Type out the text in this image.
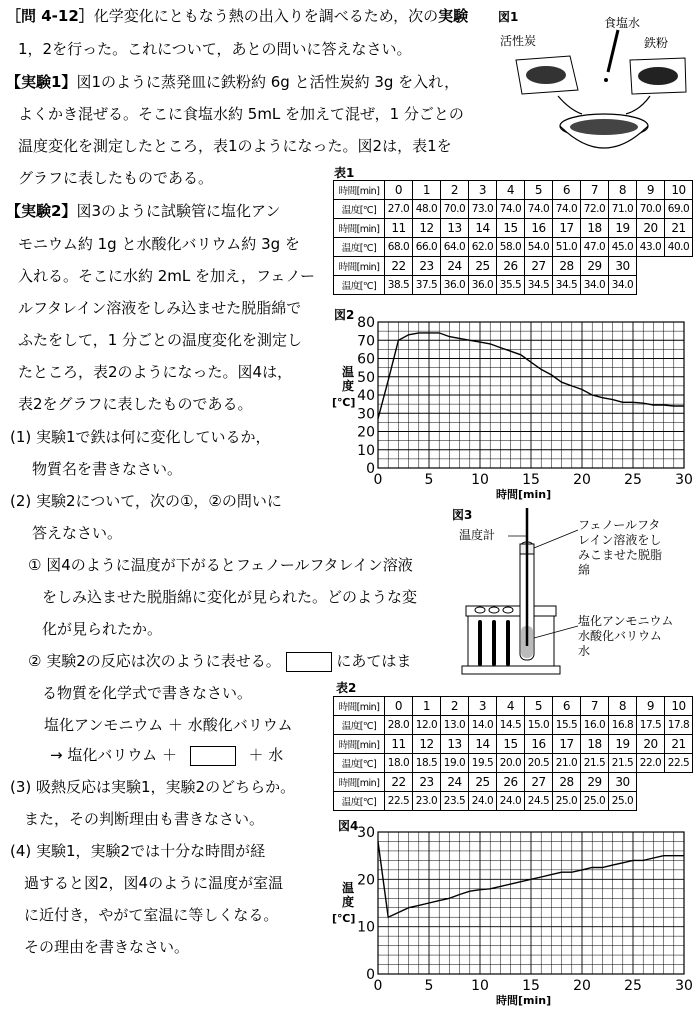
［問 4-12］化学変化にともなう熱の出入りを調べるため，次の実験
1，2を行った。これについて，あとの問いに答えなさい。
【実験1】図1のように蒸発皿に鉄粉約 6g と活性炭約 3g を入れ，
よくかき混ぜる。そこに食塩水約 5mL を加えて混ぜ，1 分ごとの
温度変化を測定したところ，表1のようになった。図2は，表1を
グラフに表したものである。
【実験2】図3のように試験管に塩化アン
モニウム約 1g と水酸化バリウム約 3g を
入れる。そこに水約 2mL を加え，フェノー
ルフタレイン溶液をしみ込ませた脱脂綿で
ふたをして，1 分ごとの温度変化を測定し
たところ，表2のようになった。図4は，
表2をグラフに表したものである。
(1) 実験1で鉄は何に変化しているか，
物質名を書きなさい。
(2) 実験2について，次の①，②の問いに
答えなさい。
① 図4のように温度が下がるとフェノールフタレイン溶液
をしみ込ませた脱脂綿に変化が見られた。どのような変
化が見られたか。
② 実験2の反応は次のように表せる。	にあてはま
る物質を化学式で書きなさい。
塩化アンモニウム ＋ 水酸化バリウム
→ 塩化バリウム ＋	＋ 水
(3) 吸熱反応は実験1，実験2のどちらか。
また，その判断理由も書きなさい。
(4) 実験1，実験2では十分な時間が経
過すると図2，図4のように温度が室温
に近付き，やがて室温に等しくなる。
その理由を書きなさい。
図1
活性炭
食塩水
鉄粉
表1
時間[min]	0	1	2	3	4	5	6	7	8	9	10
温度[℃]	27.0	48.0	70.0	73.0	74.0	74.0	74.0	72.0	71.0	70.0	69.0
時間[min]	11	12	13	14	15	16	17	18	19	20	21
温度[℃]	68.0	66.0	64.0	62.0	58.0	54.0	51.0	47.0	45.0	43.0	40.0
時間[min]	22	23	24	25	26	27	28	29	30		
温度[℃]	38.5	37.5	36.0	36.0	35.5	34.5	34.5	34.0	34.0		
図2
0
10
20
30
40
50
60
70
80
0	5	10 15 20 25 30
温
度
[℃]
時間[min]
図3
温度計
フェノールフタ
レイン溶液をし
みこませた脱脂
綿
塩化アンモニウム
水酸化バリウム
水
表2
時間[min]	0	1	2	3	4	5	6	7	8	9	10
温度[℃]	28.0	12.0	13.0	14.0	14.5	15.0	15.5	16.0	16.8	17.5	17.8
時間[min]	11	12	13	14	15	16	17	18	19	20	21
温度[℃]	18.0	18.5	19.0	19.5	20.0	20.5	21.0	21.5	21.5	22.0	22.5
時間[min]	22	23	24	25	26	27	28	29	30		
温度[℃]	22.5	23.0	23.5	24.0	24.0	24.5	25.0	25.0	25.0		
図4
0
10
20
30
0	5	10 15 20 25 30
温
度
[℃]
時間[min]
